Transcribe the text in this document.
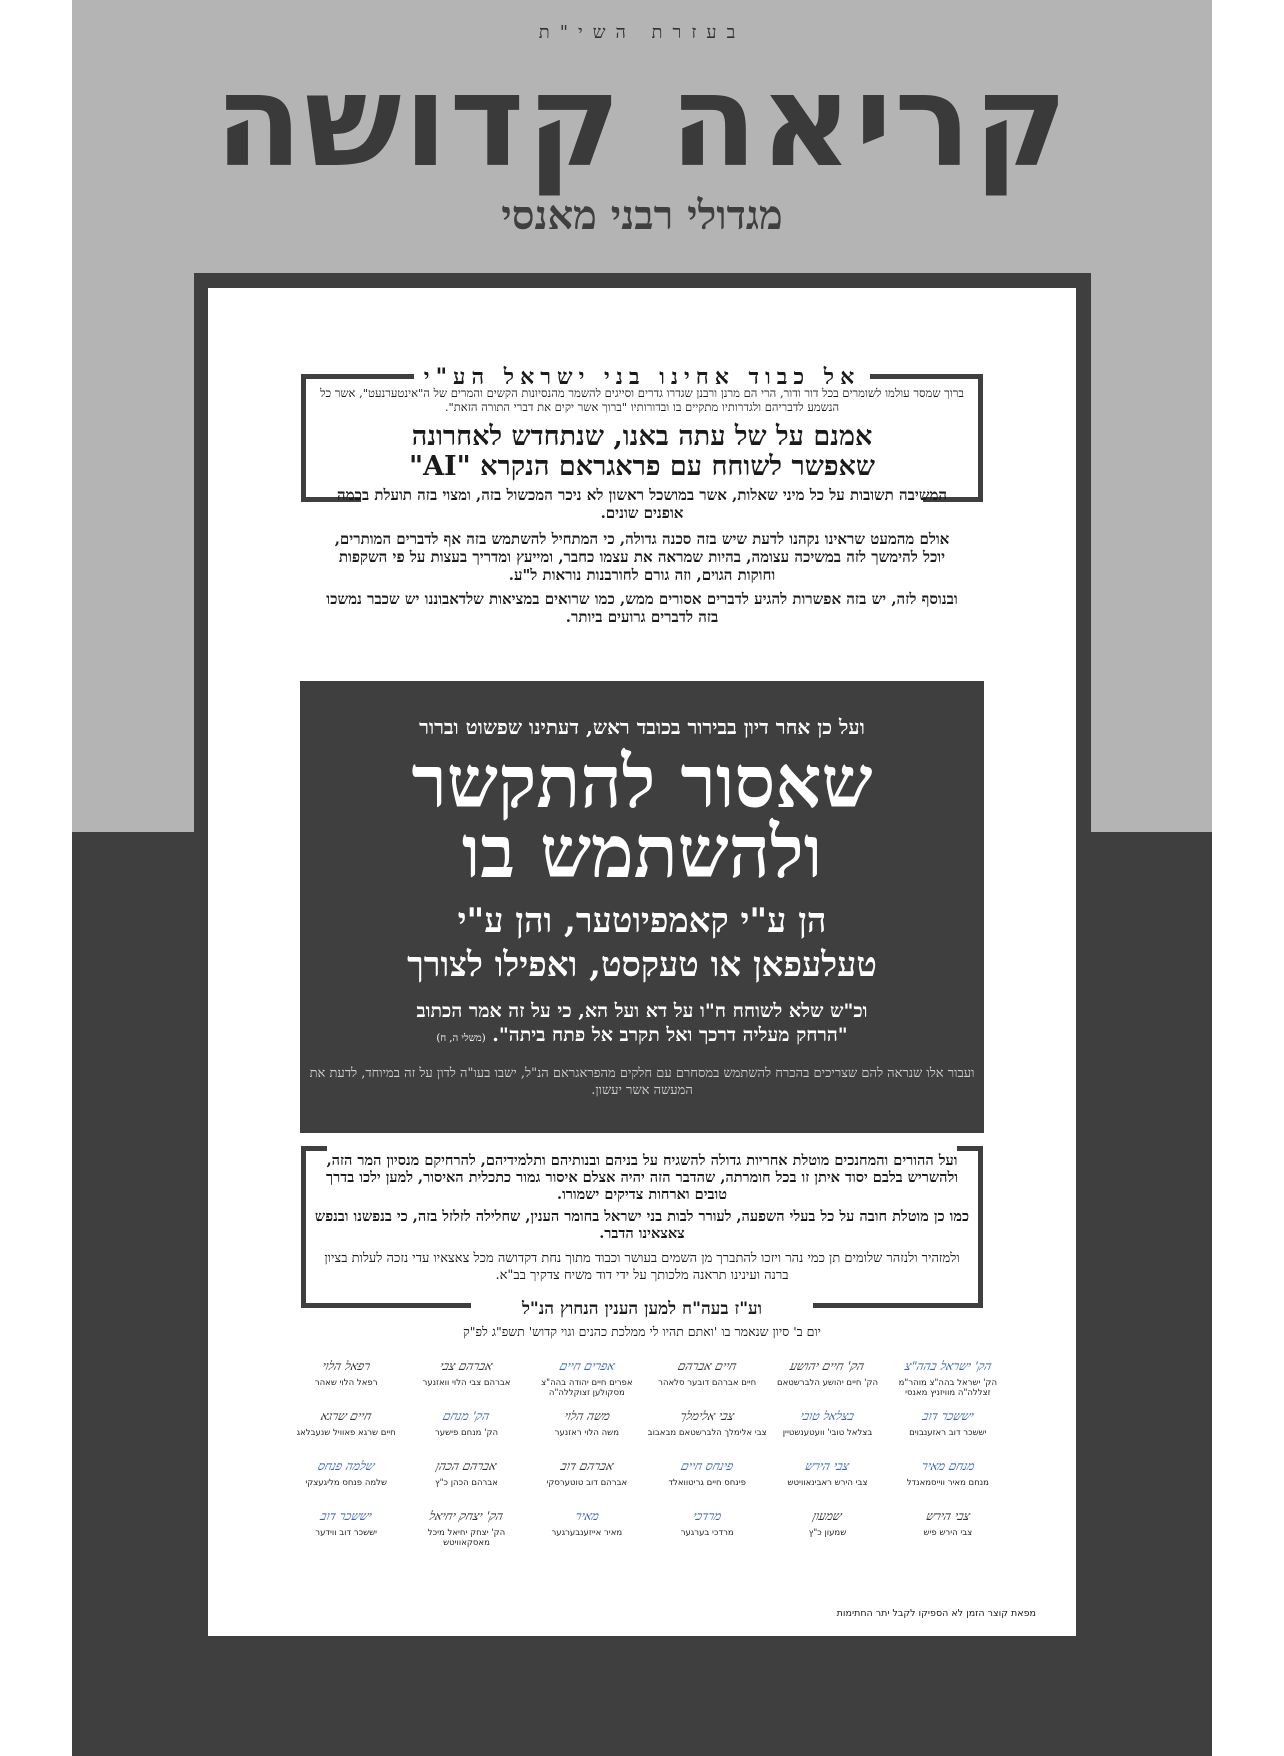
בעזרת השי"ת
קריאה קדושה
מגדולי רבני מאנסי
אל כבוד אחינו בני ישראל הע"י
ברוך שמסר עולמו לשומרים בכל דור ודור, הרי הם מרנן ורבנן שגדרו גדרים וסייגים להשמר מהנסיונות הקשים והמרים של ה"אינטערנעט", אשר כל הנשמע לדבריהם ולגדרותיו מתקיים בו ובדורותיו "ברוך אשר יקים את דברי התורה הזאת".
אמנם על של עתה באנו, שנתחדש לאחרונה
שאפשר לשוחח עם פראגראם הנקרא "AI"
המשיבה תשובות על כל מיני שאלות, אשר במושכל ראשון לא ניכר המכשול בזה, ומצוי בזה תועלת בכמה אופנים שונים.
אולם מהמעט שראינו נקהנו לדעת שיש בזה סכנה גדולה, כי המתחיל להשתמש בזה אף לדברים המותרים, יוכל להימשך לזה במשיכה עצומה, בהיות שמראה את עצמו כחבר, ומייעץ ומדריך בעצות על פי השקפות וחוקות הגוים, וזה גורם לחורבנות נוראות ל"ע.
ובנוסף לזה, יש בזה אפשרות להגיע לדברים אסורים ממש, כמו שרואים במציאות שלדאבוננו יש שכבר נמשכו בזה לדברים גרועים ביותר.
ועל כן אחר דיון בבירור בכובד ראש, דעתינו שפשוט וברור
שאסור להתקשר
ולהשתמש בו
הן ע"י קאמפיוטער, והן ע"י
טעלעפאן או טעקסט, ואפילו לצורך
וכ"ש שלא לשוחח ח"ו על דא ועל הא, כי על זה אמר הכתוב
"הרחק מעליה דרכך ואל תקרב אל פתח ביתה". (משלי ה, ח)
ועבור אלו שנראה להם שצריכים בהכרח להשתמש במסחרם עם חלקים מהפראגראם הנ"ל, ישבו בעו"ה לדון על זה במיוחד, לדעת את המעשה אשר יעשון.
ועל ההורים והמחנכים מוטלת אחריות גדולה להשגיח על בניהם ובנותיהם ותלמידיהם, להרחיקם מנסיון המר הזה, ולהשריש בלבם יסוד איתן זו בכל חומרתה, שהדבר הזה יהיה אצלם איסור גמור כתכלית האיסור, למען ילכו בדרך טובים וארחות צדיקים ישמורו.
כמו כן מוטלת חובה על כל בעלי השפעה, לעורר לבות בני ישראל בחומר הענין, שחלילה לזלזל בזה, כי בנפשנו ובנפש צאצאינו הדבר.
ולמזהיר ולנזהר שלומים תן כמי נהר ויזכו להתברך מן השמים בעושר וכבוד מתוך נחת דקדושה מכל צאצאיו עדי נזכה לעלות בציון ברנה ועינינו תראנה מלכותך על ידי דוד משיח צדקיך בב"א.
וע"ז בעה"ח למען הענין הנחוץ הנ"ל
יום ב' סיון שנאמר בו 'ואתם תהיו לי ממלכת כהנים וגוי קדוש' תשפ"ג לפ"ק
הק' ישראל בהה"צ
הק' ישראל בהה"צ מוהר"מ זצללה"ה מוויזניץ מאנסי
הק' חיים יהושע
הק' חיים יהושע הלברשטאם
חיים אברהם
חיים אברהם דובער סלאהר
אפרים חיים
אפרים חיים יהודה בהה"צ מסקולען זצוקללה"ה
אברהם צבי
אברהם צבי הלוי וואזנער
רפאל הלוי
רפאל הלוי שאהר
יששכר דוב
יששכר דוב ראזענבוים
בצלאל טובי
בצלאל טובי' וועטענשטיין
צבי אלימלך
צבי אלימלך הלברשטאם מבאבוב
משה הלוי
משה הלוי ראזנער
הק' מנחם
הק' מנחם פישער
חיים שרגא
חיים שרגא פאוויל שנעבלאג
מנחם מאיר
מנחם מאיר ווייסמאנדל
צבי הירש
צבי הירש ראבינאוויטש
פינחס חיים
פינחס חיים גריטוואלד
אברהם דוב
אברהם דוב טוטערסקי
אברהם הכהן
אברהם הכהן כ"ץ
שלמה פנחס
שלמה פנחס מליגעצקי
צבי הירש
צבי הירש פיש
שמעון
שמעון כ"ץ
מרדכי
מרדכי בערגער
מאיר
מאיר אייזענבערגער
הק' יצחק יחיאל
הק' יצחק יחיאל מיכל מאסקאוויטש
יששכר דוב
יששכר דוב ווידער
מפאת קוצר הזמן לא הספיקו לקבל יתר החתימות
